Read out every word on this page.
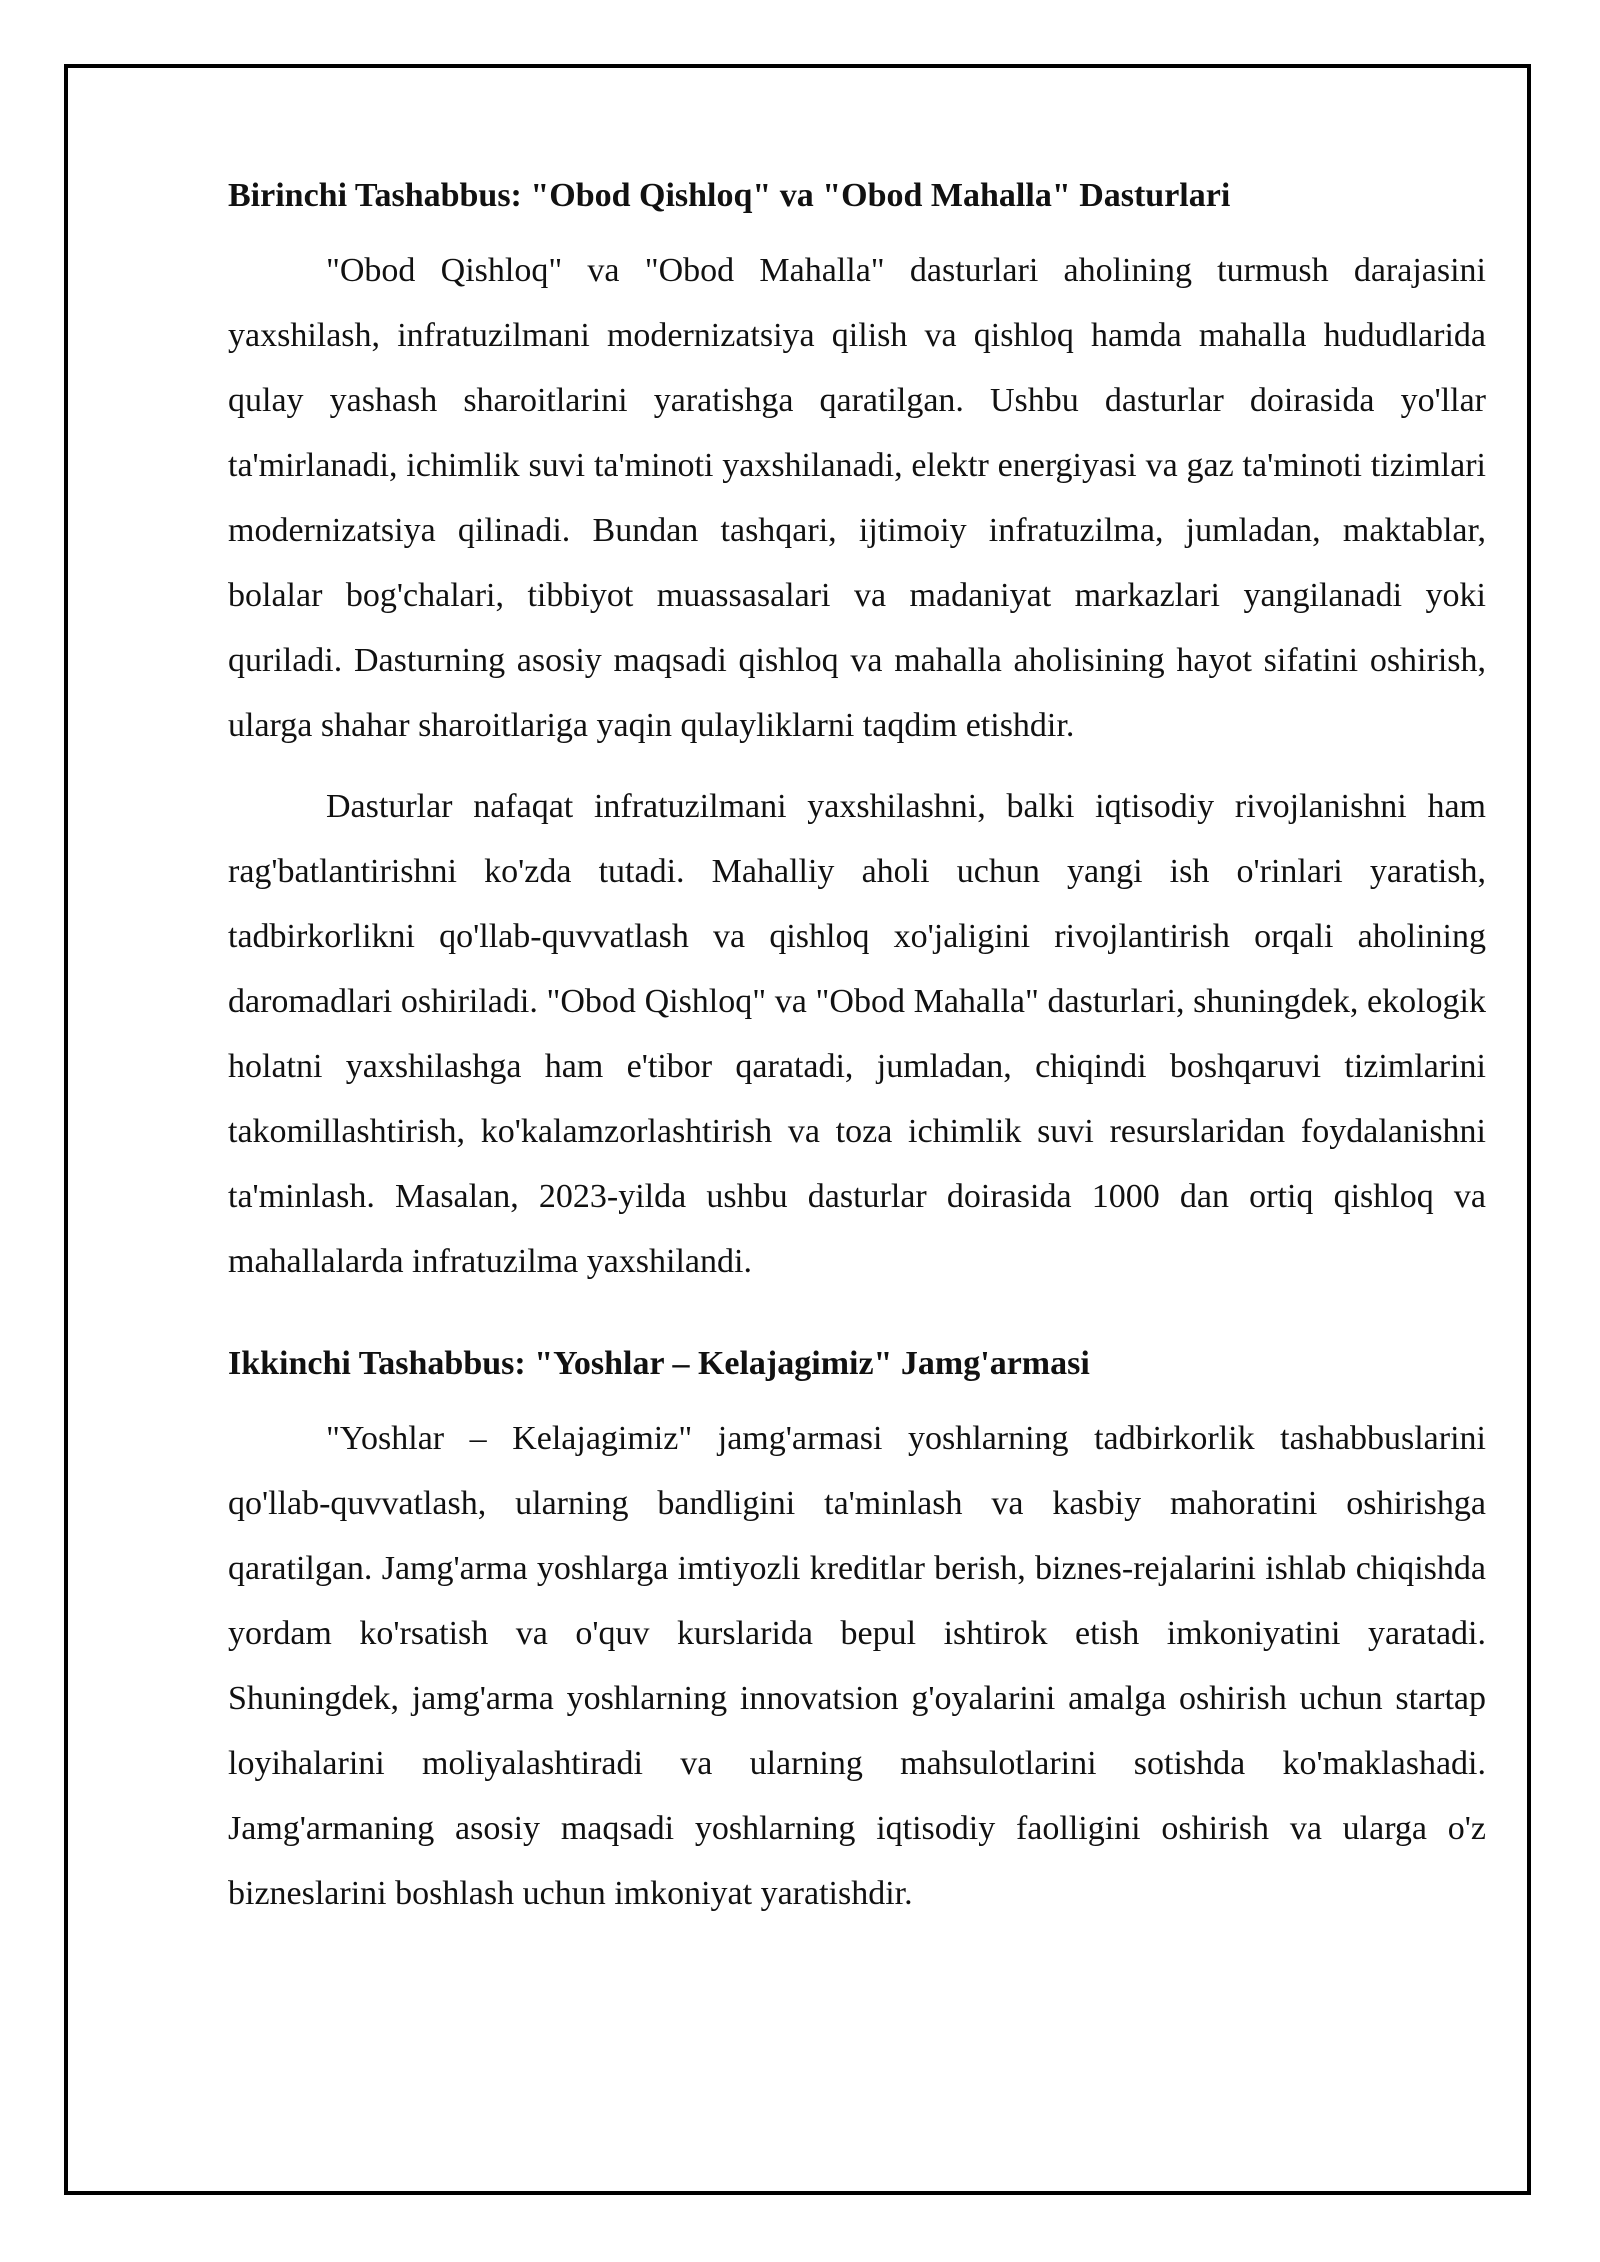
Birinchi Tashabbus: "Obod Qishloq" va "Obod Mahalla" Dasturlari

"Obod Qishloq" va "Obod Mahalla" dasturlari aholining turmush darajasini yaxshilash, infratuzilmani modernizatsiya qilish va qishloq hamda mahalla hududlarida qulay yashash sharoitlarini yaratishga qaratilgan. Ushbu dasturlar doirasida yo'llar ta'mirlanadi, ichimlik suvi ta'minoti yaxshilanadi, elektr energiyasi va gaz ta'minoti tizimlari modernizatsiya qilinadi. Bundan tashqari, ijtimoiy infratuzilma, jumladan, maktablar, bolalar bog'chalari, tibbiyot muassasalari va madaniyat markazlari yangilanadi yoki quriladi. Dasturning asosiy maqsadi qishloq va mahalla aholisining hayot sifatini oshirish, ularga shahar sharoitlariga yaqin qulayliklarni taqdim etishdir.

Dasturlar nafaqat infratuzilmani yaxshilashni, balki iqtisodiy rivojlanishni ham rag'batlantirishni ko'zda tutadi. Mahalliy aholi uchun yangi ish o'rinlari yaratish, tadbirkorlikni qo'llab-quvvatlash va qishloq xo'jaligini rivojlantirish orqali aholining daromadlari oshiriladi. "Obod Qishloq" va "Obod Mahalla" dasturlari, shuningdek, ekologik holatni yaxshilashga ham e'tibor qaratadi, jumladan, chiqindi boshqaruvi tizimlarini takomillashtirish, ko'kalamzorlashtirish va toza ichimlik suvi resurslaridan foydalanishni ta'minlash. Masalan, 2023-yilda ushbu dasturlar doirasida 1000 dan ortiq qishloq va mahallalarda infratuzilma yaxshilandi.

Ikkinchi Tashabbus: "Yoshlar – Kelajagimiz" Jamg'armasi

"Yoshlar – Kelajagimiz" jamg'armasi yoshlarning tadbirkorlik tashabbuslarini qo'llab-quvvatlash, ularning bandligini ta'minlash va kasbiy mahoratini oshirishga qaratilgan. Jamg'arma yoshlarga imtiyozli kreditlar berish, biznes-rejalarini ishlab chiqishda yordam ko'rsatish va o'quv kurslarida bepul ishtirok etish imkoniyatini yaratadi. Shuningdek, jamg'arma yoshlarning innovatsion g'oyalarini amalga oshirish uchun startap loyihalarini moliyalashtiradi va ularning mahsulotlarini sotishda ko'maklashadi. Jamg'armaning asosiy maqsadi yoshlarning iqtisodiy faolligini oshirish va ularga o'z bizneslarini boshlash uchun imkoniyat yaratishdir.
